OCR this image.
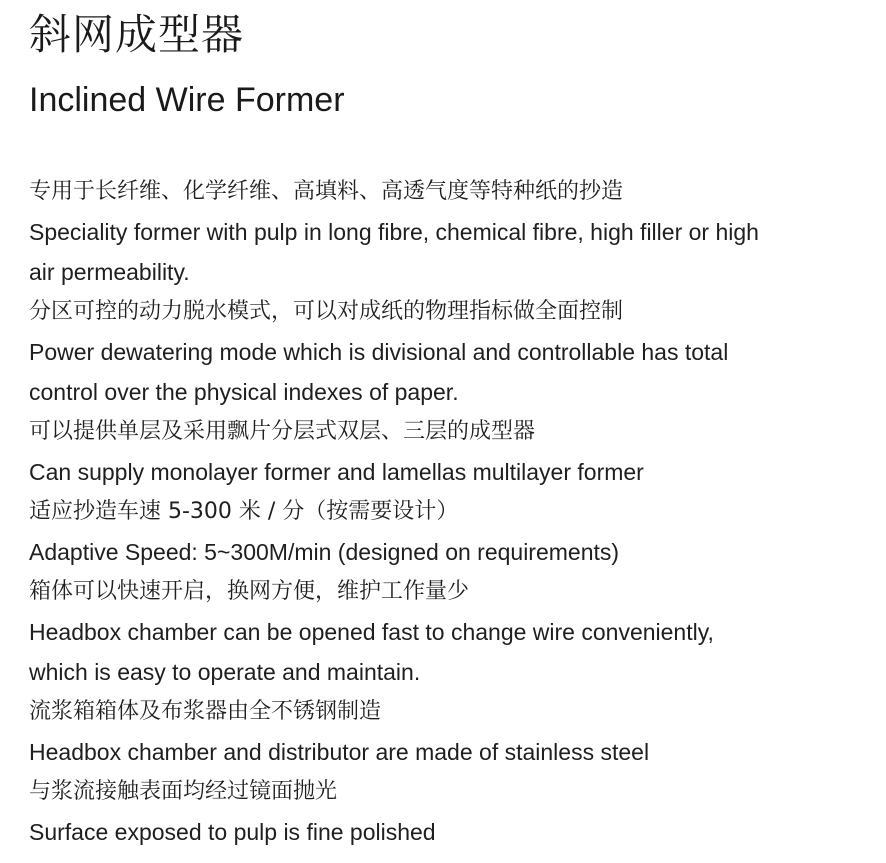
斜网成型器
Inclined Wire Former
专用于长纤维、化学纤维、高填料、高透气度等特种纸的抄造
Speciality former with pulp in long fibre, chemical fibre, high filler or high
air permeability.
分区可控的动力脱水模式，可以对成纸的物理指标做全面控制
Power dewatering mode which is divisional and controllable has total
control over the physical indexes of paper.
可以提供单层及采用飘片分层式双层、三层的成型器
Can supply monolayer former and lamellas multilayer former
适应抄造车速 5-300 米 / 分（按需要设计）
Adaptive Speed: 5~300M/min (designed on requirements)
箱体可以快速开启，换网方便，维护工作量少
Headbox chamber can be opened fast to change wire conveniently,
which is easy to operate and maintain.
流浆箱箱体及布浆器由全不锈钢制造
Headbox chamber and distributor are made of stainless steel
与浆流接触表面均经过镜面抛光
Surface exposed to pulp is fine polished
